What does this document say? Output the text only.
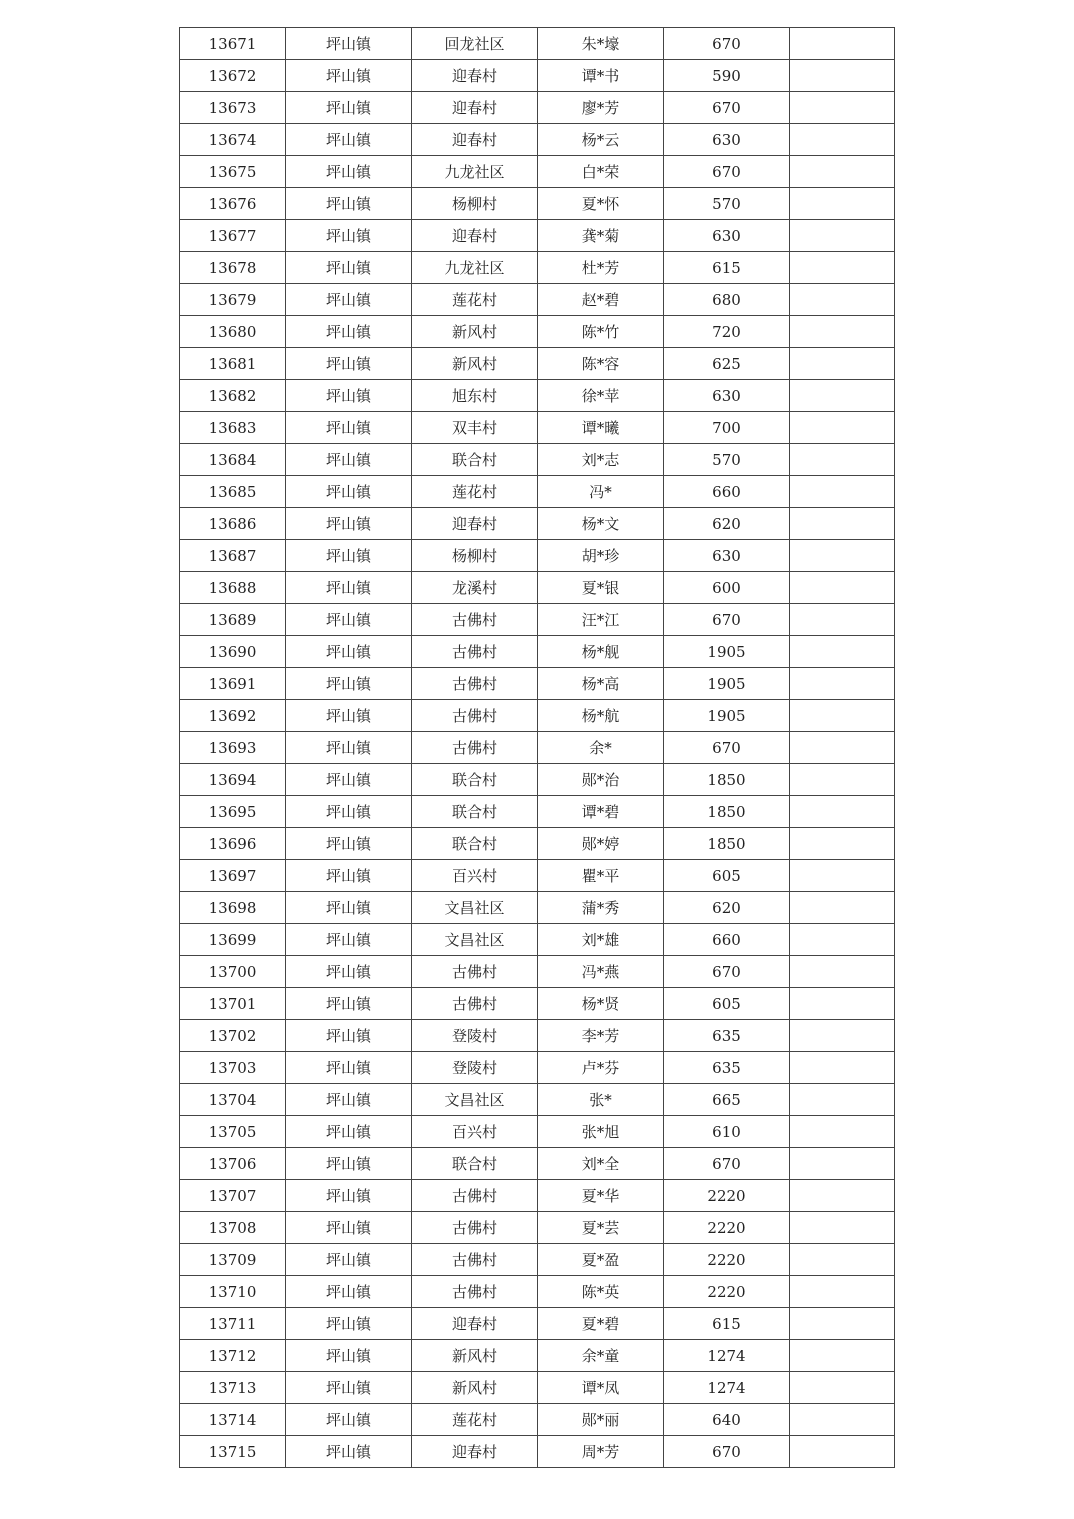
13671	坪山镇	回龙社区	朱*壕	670	
13672	坪山镇	迎春村	谭*书	590	
13673	坪山镇	迎春村	廖*芳	670	
13674	坪山镇	迎春村	杨*云	630	
13675	坪山镇	九龙社区	白*荣	670	
13676	坪山镇	杨柳村	夏*怀	570	
13677	坪山镇	迎春村	龚*菊	630	
13678	坪山镇	九龙社区	杜*芳	615	
13679	坪山镇	莲花村	赵*碧	680	
13680	坪山镇	新风村	陈*竹	720	
13681	坪山镇	新风村	陈*容	625	
13682	坪山镇	旭东村	徐*苹	630	
13683	坪山镇	双丰村	谭*曦	700	
13684	坪山镇	联合村	刘*志	570	
13685	坪山镇	莲花村	冯*	660	
13686	坪山镇	迎春村	杨*文	620	
13687	坪山镇	杨柳村	胡*珍	630	
13688	坪山镇	龙溪村	夏*银	600	
13689	坪山镇	古佛村	汪*江	670	
13690	坪山镇	古佛村	杨*舰	1905	
13691	坪山镇	古佛村	杨*高	1905	
13692	坪山镇	古佛村	杨*航	1905	
13693	坪山镇	古佛村	余*	670	
13694	坪山镇	联合村	郧*治	1850	
13695	坪山镇	联合村	谭*碧	1850	
13696	坪山镇	联合村	郧*婷	1850	
13697	坪山镇	百兴村	瞿*平	605	
13698	坪山镇	文昌社区	蒲*秀	620	
13699	坪山镇	文昌社区	刘*雄	660	
13700	坪山镇	古佛村	冯*燕	670	
13701	坪山镇	古佛村	杨*贤	605	
13702	坪山镇	登陵村	李*芳	635	
13703	坪山镇	登陵村	卢*芬	635	
13704	坪山镇	文昌社区	张*	665	
13705	坪山镇	百兴村	张*旭	610	
13706	坪山镇	联合村	刘*全	670	
13707	坪山镇	古佛村	夏*华	2220	
13708	坪山镇	古佛村	夏*芸	2220	
13709	坪山镇	古佛村	夏*盈	2220	
13710	坪山镇	古佛村	陈*英	2220	
13711	坪山镇	迎春村	夏*碧	615	
13712	坪山镇	新风村	余*童	1274	
13713	坪山镇	新风村	谭*凤	1274	
13714	坪山镇	莲花村	郧*丽	640	
13715	坪山镇	迎春村	周*芳	670	
